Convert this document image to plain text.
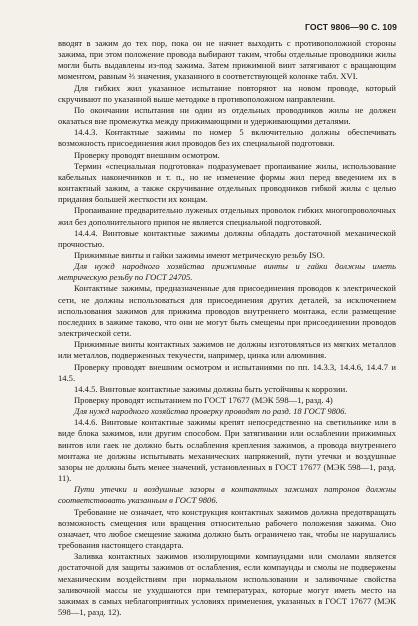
ГОСТ 9806—90 С. 109

вводят в зажим до тех пор, пока он не начнет выходить с противоположной стороны зажима, при этом положение провода выбирают таким, чтобы отдельные проводники жилы могли быть выдавлены из-под зажима. Затем прижимной винт затягивают с вращающим моментом, равным ⅔ значения, указанного в соответствующей колонке табл. XVI.

Для гибких жил указанное испытание повторяют на новом проводе, который скручивают по указанной выше методике в противоположном направлении.

По окончании испытания ни один из отдельных проводников жилы не должен оказаться вне промежутка между прижимающими и удерживающими деталями.

14.4.3. Контактные зажимы по номер 5 включительно должны обеспечивать возможность присоединения жил проводов без их специальной подготовки.

Проверку проводят внешним осмотром.

Термин «специальная подготовка» подразумевает пропаивание жилы, использование кабельных наконечников и т. п., но не изменение формы жил перед введением их в контактный зажим, а также скручивание отдельных проводников гибкой жилы с целью придания большей жесткости их концам.

Пропаивание предварительно луженых отдельных проволок гибких многопроволочных жил без дополнительного припоя не является специальной подготовкой.

14.4.4. Винтовые контактные зажимы должны обладать достаточной механической прочностью.

Прижимные винты и гайки зажимы имеют метрическую резьбу ISO.

Для нужд народного хозяйства прижимные винты и гайки должны иметь метрическую резьбу по ГОСТ 24705.

Контактные зажимы, предназначенные для присоединения проводов к электрической сети, не должны использоваться для присоединения других деталей, за исключением использования зажимов для прижима проводов внутреннего монтажа, если размещение последних в зажиме таково, что они не могут быть смещены при присоединении проводов электрической сети.

Прижимные винты контактных зажимов не должны изготовляться из мягких металлов или металлов, подверженных текучести, например, цинка или алюминия.

Проверку проводят внешним осмотром и испытаниями по пп. 14.3.3, 14.4.6, 14.4.7 и 14.5.

14.4.5. Винтовые контактные зажимы должны быть устойчивы к коррозии.

Проверку проводят испытанием по ГОСТ 17677 (МЭК 598—1, разд. 4)

Для нужд народного хозяйства проверку проводят по разд. 18 ГОСТ 9806.

14.4.6. Винтовые контактные зажимы крепят непосредственно на светильнике или в виде блока зажимов, или другим способом. При затягивании или ослаблении прижимных винтов или гаек не должно быть ослабления крепления зажимов, а провода внутреннего монтажа не должны испытывать механических напряжений, пути утечки и воздушные зазоры не должны быть менее значений, установленных в ГОСТ 17677 (МЭК 598—1, разд. 11).

Пути утечки и воздушные зазоры в контактных зажимах патронов должны соответствовать указанным в ГОСТ 9806.

Требование не означает, что конструкция контактных зажимов должна предотвращать возможность смещения или вращения относительно рабочего положения зажима. Оно означает, что любое смещение зажима должно быть ограничено так, чтобы не нарушались требования настоящего стандарта.

Заливка контактных зажимов изолирующими компаундами или смолами является достаточной для защиты зажимов от ослабления, если компаунды и смолы не подвержены механическим воздействиям при нормальном использовании и заливочные свойства заливочной массы не ухудшаются при температурах, которые могут иметь место на зажимах в самых неблагоприятных условиях применения, указанных в ГОСТ 17677 (МЭК 598—1, разд. 12).
